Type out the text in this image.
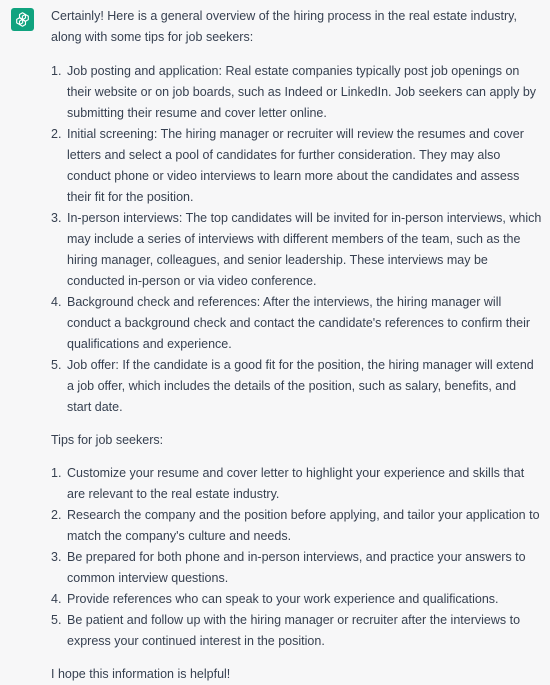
Certainly! Here is a general overview of the hiring process in the real estate industry, along with some tips for job seekers:

1. Job posting and application: Real estate companies typically post job openings on their website or on job boards, such as Indeed or LinkedIn. Job seekers can apply by submitting their resume and cover letter online.
2. Initial screening: The hiring manager or recruiter will review the resumes and cover letters and select a pool of candidates for further consideration. They may also conduct phone or video interviews to learn more about the candidates and assess their fit for the position.
3. In-person interviews: The top candidates will be invited for in-person interviews, which may include a series of interviews with different members of the team, such as the hiring manager, colleagues, and senior leadership. These interviews may be conducted in-person or via video conference.
4. Background check and references: After the interviews, the hiring manager will conduct a background check and contact the candidate's references to confirm their qualifications and experience.
5. Job offer: If the candidate is a good fit for the position, the hiring manager will extend a job offer, which includes the details of the position, such as salary, benefits, and start date.

Tips for job seekers:

1. Customize your resume and cover letter to highlight your experience and skills that are relevant to the real estate industry.
2. Research the company and the position before applying, and tailor your application to match the company's culture and needs.
3. Be prepared for both phone and in-person interviews, and practice your answers to common interview questions.
4. Provide references who can speak to your work experience and qualifications.
5. Be patient and follow up with the hiring manager or recruiter after the interviews to express your continued interest in the position.

I hope this information is helpful!
